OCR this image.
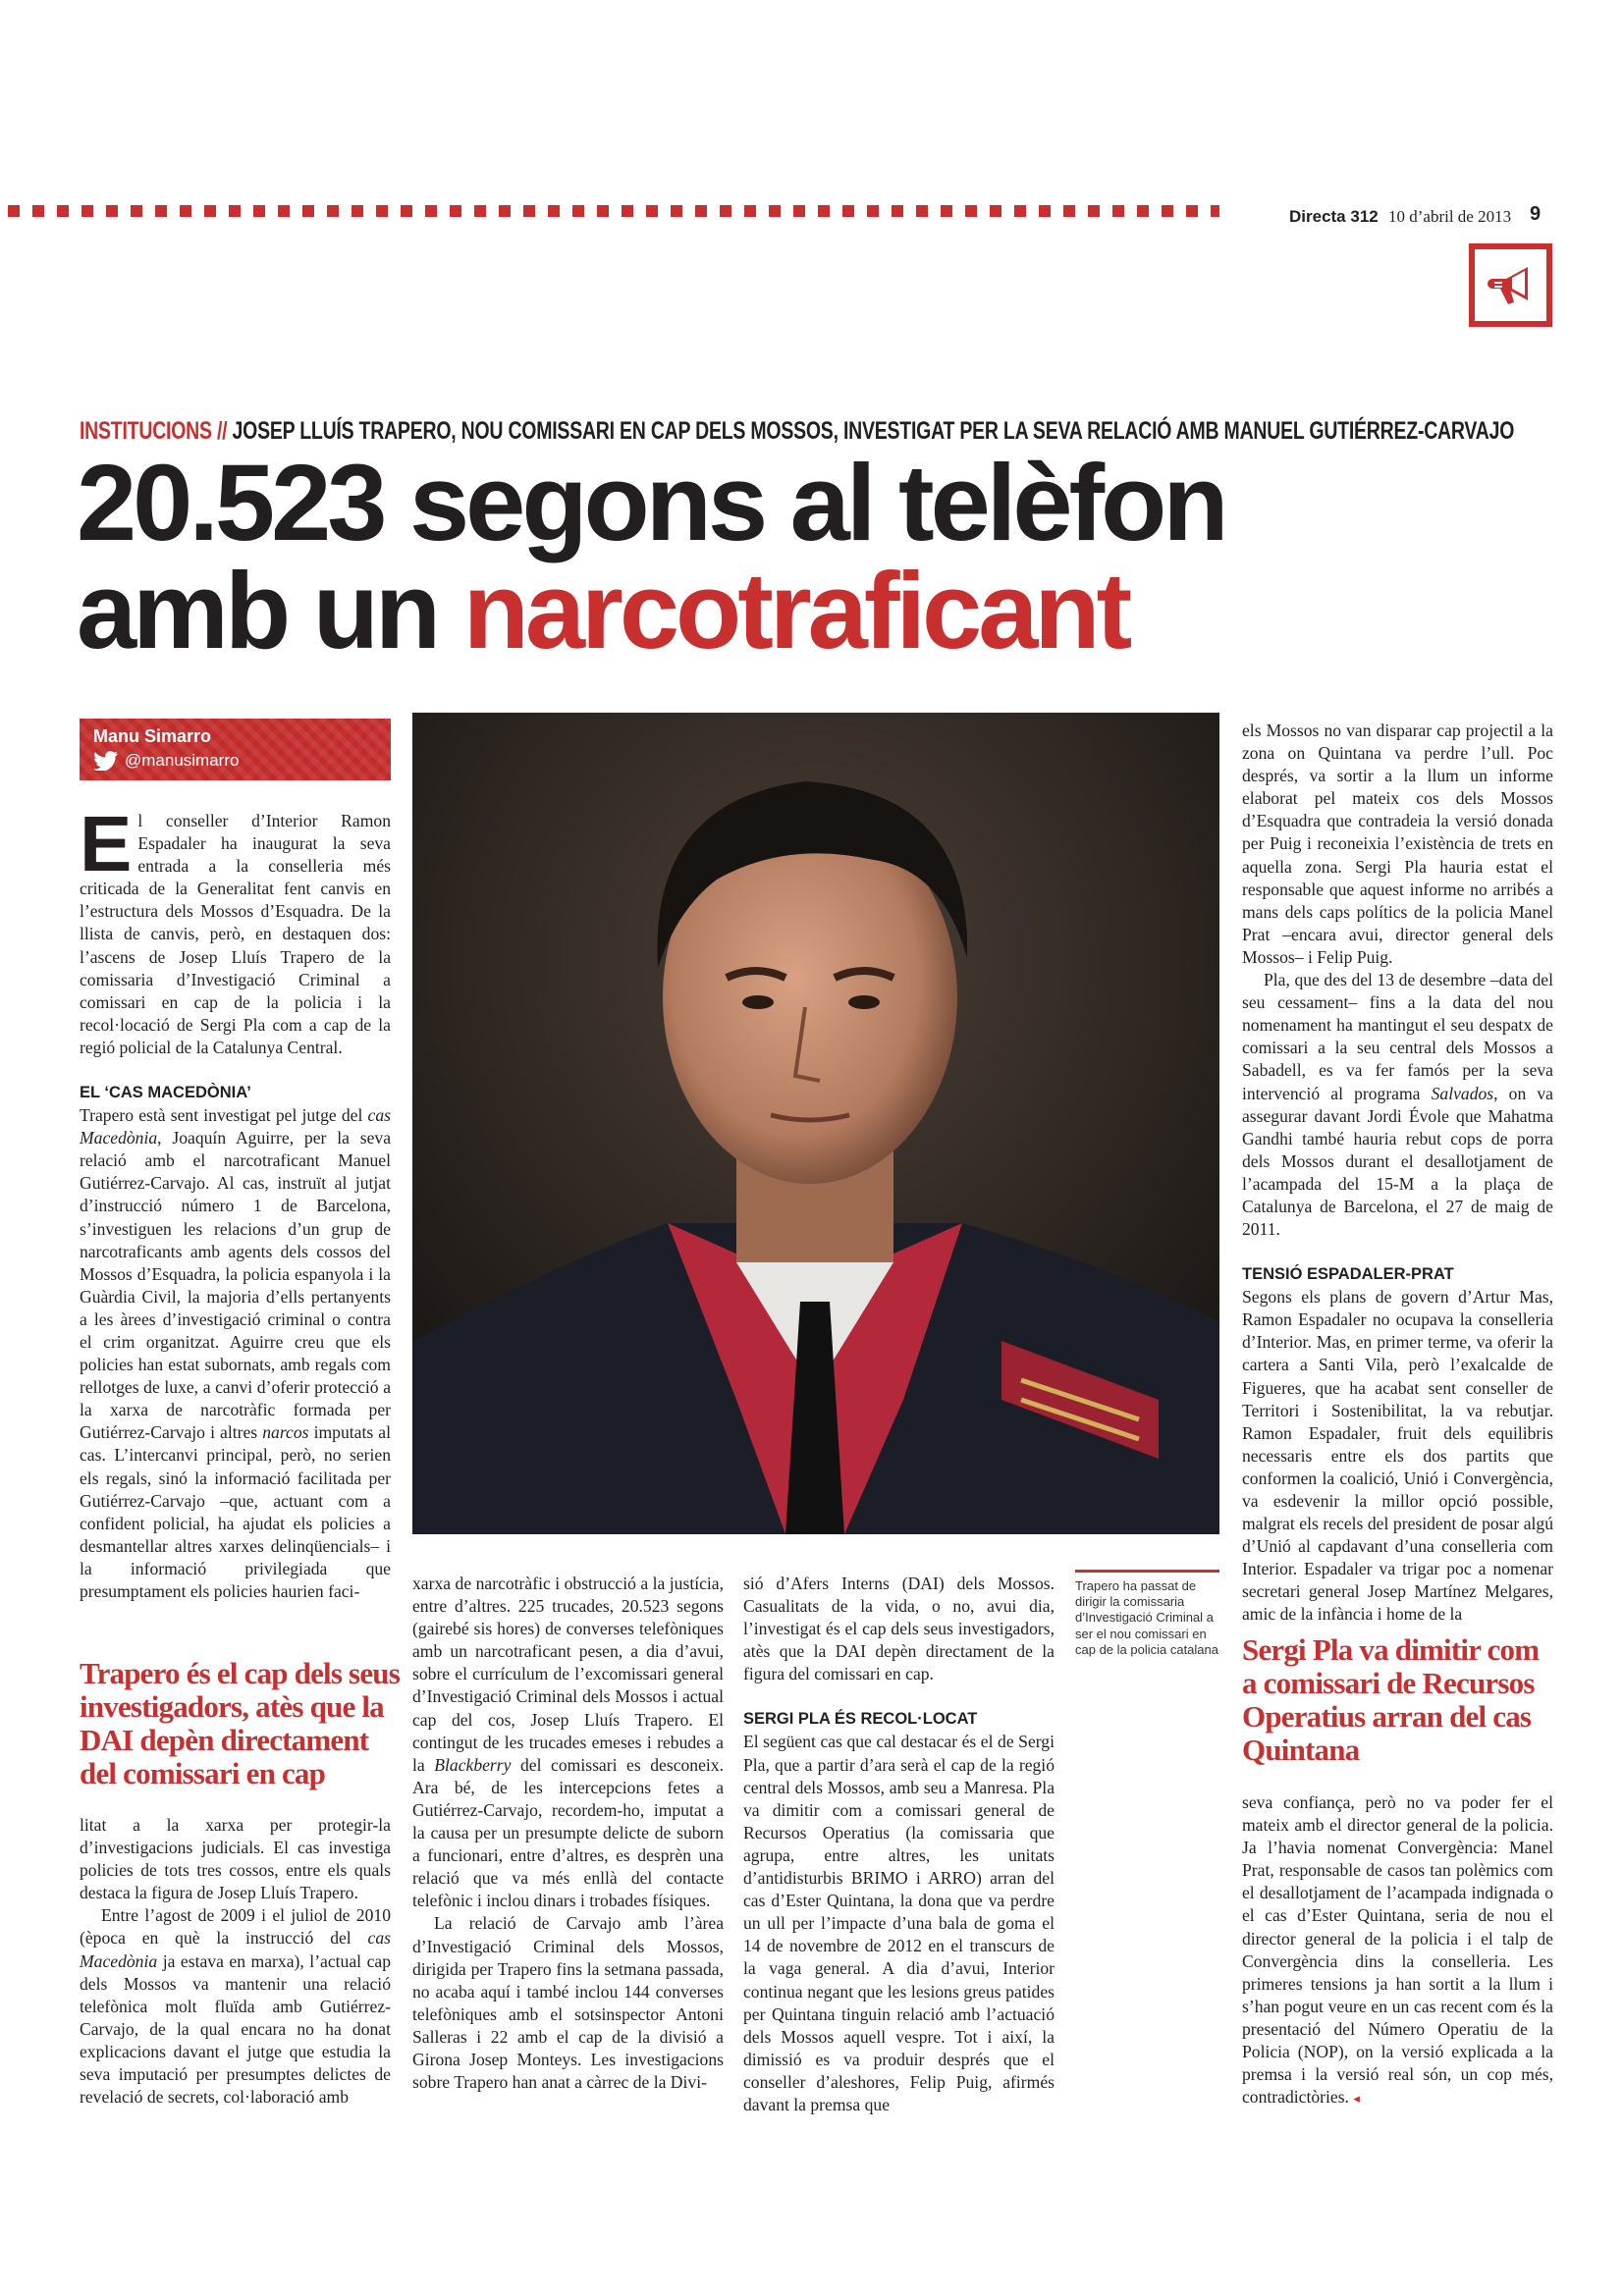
Directa 312 10 d’abril de 2013 9
INSTITUCIONS // JOSEP LLUÍS TRAPERO, NOU COMISSARI EN CAP DELS MOSSOS, INVESTIGAT PER LA SEVA RELACIÓ AMB MANUEL GUTIÉRREZ-CARVAJO
20.523 segons al telèfon
amb un narcotraficant
Manu Simarro
@manusimarro

El conseller d’Interior Ramon Espadaler ha inaugurat la seva entrada a la conselleria més criticada de la Generalitat fent canvis en l’estructura dels Mossos d’Esquadra. De la llista de canvis, però, en destaquen dos: l’ascens de Josep Lluís Trapero de la comissaria d’Investigació Criminal a comissari en cap de la policia i la recol·locació de Sergi Pla com a cap de la regió policial de la Catalunya Central.

EL ‘CAS MACEDÒNIA’

Trapero està sent investigat pel jutge del cas Macedònia, Joaquín Aguirre, per la seva relació amb el narcotraficant Manuel Gutiérrez-Carvajo. Al cas, instruït al jutjat d’instrucció número 1 de Barcelona, s’investiguen les relacions d’un grup de narcotraficants amb agents dels cossos del Mossos d’Esquadra, la policia espanyola i la Guàrdia Civil, la majoria d’ells pertanyents a les àrees d’investigació criminal o contra el crim organitzat. Aguirre creu que els policies han estat subornats, amb regals com rellotges de luxe, a canvi d’oferir protecció a la xarxa de narcotràfic formada per Gutiérrez-Carvajo i altres narcos imputats al cas. L’intercanvi principal, però, no serien els regals, sinó la informació facilitada per Gutiérrez-Carvajo –que, actuant com a confident policial, ha ajudat els policies a desmantellar altres xarxes delinqüencials– i la informació privilegiada que presumptament els policies haurien faci-

Trapero és el cap dels seus investigadors, atès que la DAI depèn directament del comissari en cap

litat a la xarxa per protegir-la d’investigacions judicials. El cas investiga policies de tots tres cossos, entre els quals destaca la figura de Josep Lluís Trapero.

Entre l’agost de 2009 i el juliol de 2010 (època en què la instrucció del cas Macedònia ja estava en marxa), l’actual cap dels Mossos va mantenir una relació telefònica molt fluïda amb Gutiérrez-Carvajo, de la qual encara no ha donat explicacions davant el jutge que estudia la seva imputació per presumptes delictes de revelació de secrets, col·laboració amb

xarxa de narcotràfic i obstrucció a la justícia, entre d’altres. 225 trucades, 20.523 segons (gairebé sis hores) de converses telefòniques amb un narcotraficant pesen, a dia d’avui, sobre el currículum de l’excomissari general d’Investigació Criminal dels Mossos i actual cap del cos, Josep Lluís Trapero. El contingut de les trucades emeses i rebudes a la Blackberry del comissari es desconeix. Ara bé, de les intercepcions fetes a Gutiérrez-Carvajo, recordem-ho, imputat a la causa per un presumpte delicte de suborn a funcionari, entre d’altres, es desprèn una relació que va més enllà del contacte telefònic i inclou dinars i trobades físiques.

La relació de Carvajo amb l’àrea d’Investigació Criminal dels Mossos, dirigida per Trapero fins la setmana passada, no acaba aquí i també inclou 144 converses telefòniques amb el sotsinspector Antoni Salleras i 22 amb el cap de la divisió a Girona Josep Monteys. Les investigacions sobre Trapero han anat a càrrec de la Divi-

sió d’Afers Interns (DAI) dels Mossos. Casualitats de la vida, o no, avui dia, l’investigat és el cap dels seus investigadors, atès que la DAI depèn directament de la figura del comissari en cap.

SERGI PLA ÉS RECOL·LOCAT

El següent cas que cal destacar és el de Sergi Pla, que a partir d’ara serà el cap de la regió central dels Mossos, amb seu a Manresa. Pla va dimitir com a comissari general de Recursos Operatius (la comissaria que agrupa, entre altres, les unitats d’antidisturbis BRIMO i ARRO) arran del cas d’Ester Quintana, la dona que va perdre un ull per l’impacte d’una bala de goma el 14 de novembre de 2012 en el transcurs de la vaga general. A dia d’avui, Interior continua negant que les lesions greus patides per Quintana tinguin relació amb l’actuació dels Mossos aquell vespre. Tot i així, la dimissió es va produir després que el conseller d’aleshores, Felip Puig, afirmés davant la premsa que

Trapero ha passat de dirigir la comissaria d’Investigació Criminal a ser el nou comissari en cap de la policia catalana

els Mossos no van disparar cap projectil a la zona on Quintana va perdre l’ull. Poc després, va sortir a la llum un informe elaborat pel mateix cos dels Mossos d’Esquadra que contradeia la versió donada per Puig i reconeixia l’existència de trets en aquella zona. Sergi Pla hauria estat el responsable que aquest informe no arribés a mans dels caps polítics de la policia Manel Prat –encara avui, director general dels Mossos– i Felip Puig.

Pla, que des del 13 de desembre –data del seu cessament– fins a la data del nou nomenament ha mantingut el seu despatx de comissari a la seu central dels Mossos a Sabadell, es va fer famós per la seva intervenció al programa Salvados, on va assegurar davant Jordi Évole que Mahatma Gandhi també hauria rebut cops de porra dels Mossos durant el desallotjament de l’acampada del 15-M a la plaça de Catalunya de Barcelona, el 27 de maig de 2011.

TENSIÓ ESPADALER-PRAT

Segons els plans de govern d’Artur Mas, Ramon Espadaler no ocupava la conselleria d’Interior. Mas, en primer terme, va oferir la cartera a Santi Vila, però l’exalcalde de Figueres, que ha acabat sent conseller de Territori i Sostenibilitat, la va rebutjar. Ramon Espadaler, fruit dels equilibris necessaris entre els dos partits que conformen la coalició, Unió i Convergència, va esdevenir la millor opció possible, malgrat els recels del president de posar algú d’Unió al capdavant d’una conselleria com Interior. Espadaler va trigar poc a nomenar secretari general Josep Martínez Melgares, amic de la infància i home de la

Sergi Pla va dimitir com a comissari de Recursos Operatius arran del cas Quintana

seva confiança, però no va poder fer el mateix amb el director general de la policia. Ja l’havia nomenat Convergència: Manel Prat, responsable de casos tan polèmics com el desallotjament de l’acampada indignada o el cas d’Ester Quintana, seria de nou el director general de la policia i el talp de Convergència dins la conselleria. Les primeres tensions ja han sortit a la llum i s’han pogut veure en un cas recent com és la presentació del Número Operatiu de la Policia (NOP), on la versió explicada a la premsa i la versió real són, un cop més, contradictòries. ◂
